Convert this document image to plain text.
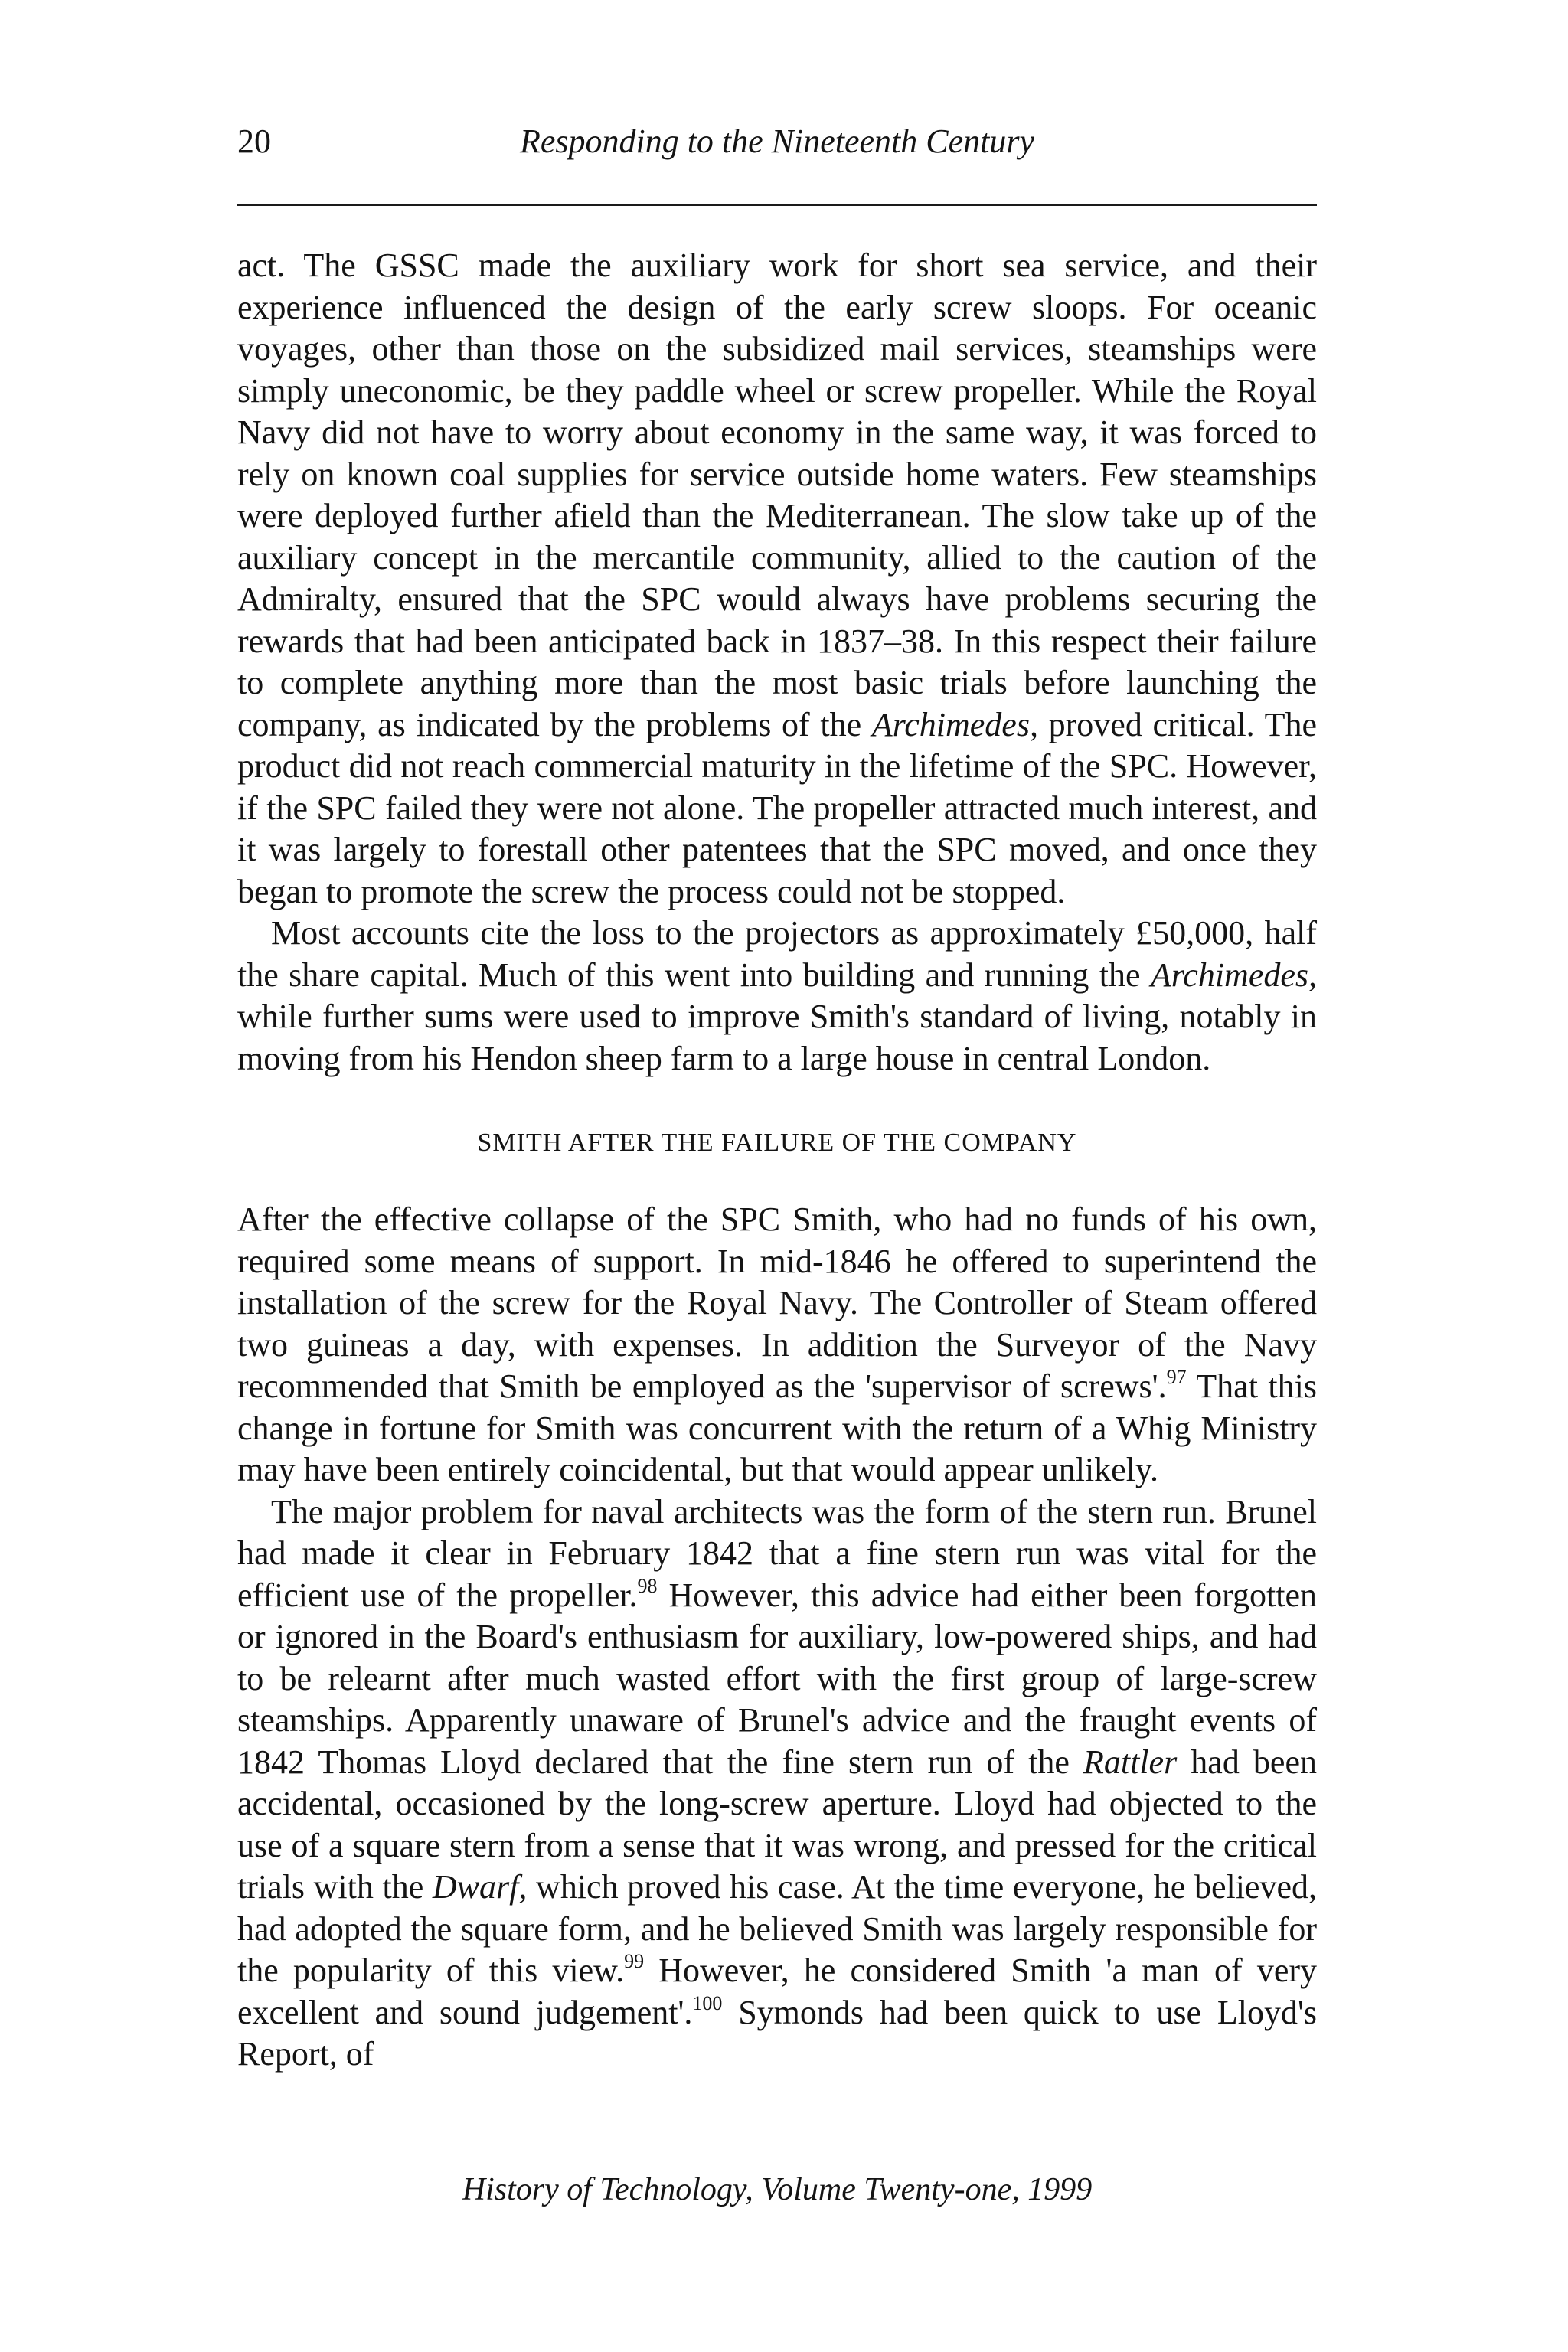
20	Responding to the Nineteenth Century

act. The GSSC made the auxiliary work for short sea service, and their experience influenced the design of the early screw sloops. For oceanic voyages, other than those on the subsidized mail services, steamships were simply uneconomic, be they paddle wheel or screw propeller. While the Royal Navy did not have to worry about economy in the same way, it was forced to rely on known coal supplies for service outside home waters. Few steamships were deployed further afield than the Mediterranean. The slow take up of the auxiliary concept in the mercantile community, allied to the caution of the Admiralty, ensured that the SPC would always have problems securing the rewards that had been anticipated back in 1837–38. In this respect their failure to complete anything more than the most basic trials before launching the company, as indicated by the problems of the Archimedes, proved critical. The product did not reach commercial maturity in the lifetime of the SPC. However, if the SPC failed they were not alone. The propeller attracted much interest, and it was largely to forestall other patentees that the SPC moved, and once they began to promote the screw the process could not be stopped.

Most accounts cite the loss to the projectors as approximately £50,000, half the share capital. Much of this went into building and running the Archimedes, while further sums were used to improve Smith's standard of living, notably in moving from his Hendon sheep farm to a large house in central London.

SMITH AFTER THE FAILURE OF THE COMPANY

After the effective collapse of the SPC Smith, who had no funds of his own, required some means of support. In mid-1846 he offered to superintend the installation of the screw for the Royal Navy. The Controller of Steam offered two guineas a day, with expenses. In addition the Surveyor of the Navy recommended that Smith be employed as the 'supervisor of screws'.$^{97}$ That this change in fortune for Smith was concurrent with the return of a Whig Ministry may have been entirely coincidental, but that would appear unlikely.

The major problem for naval architects was the form of the stern run. Brunel had made it clear in February 1842 that a fine stern run was vital for the efficient use of the propeller.$^{98}$ However, this advice had either been forgotten or ignored in the Board's enthusiasm for auxiliary, low-powered ships, and had to be relearnt after much wasted effort with the first group of large-screw steamships. Apparently unaware of Brunel's advice and the fraught events of 1842 Thomas Lloyd declared that the fine stern run of the Rattler had been accidental, occasioned by the long-screw aperture. Lloyd had objected to the use of a square stern from a sense that it was wrong, and pressed for the critical trials with the Dwarf, which proved his case. At the time everyone, he believed, had adopted the square form, and he believed Smith was largely responsible for the popularity of this view.$^{99}$ However, he considered Smith 'a man of very excellent and sound judgement'.$^{100}$ Symonds had been quick to use Lloyd's Report, of

History of Technology, Volume Twenty-one, 1999
